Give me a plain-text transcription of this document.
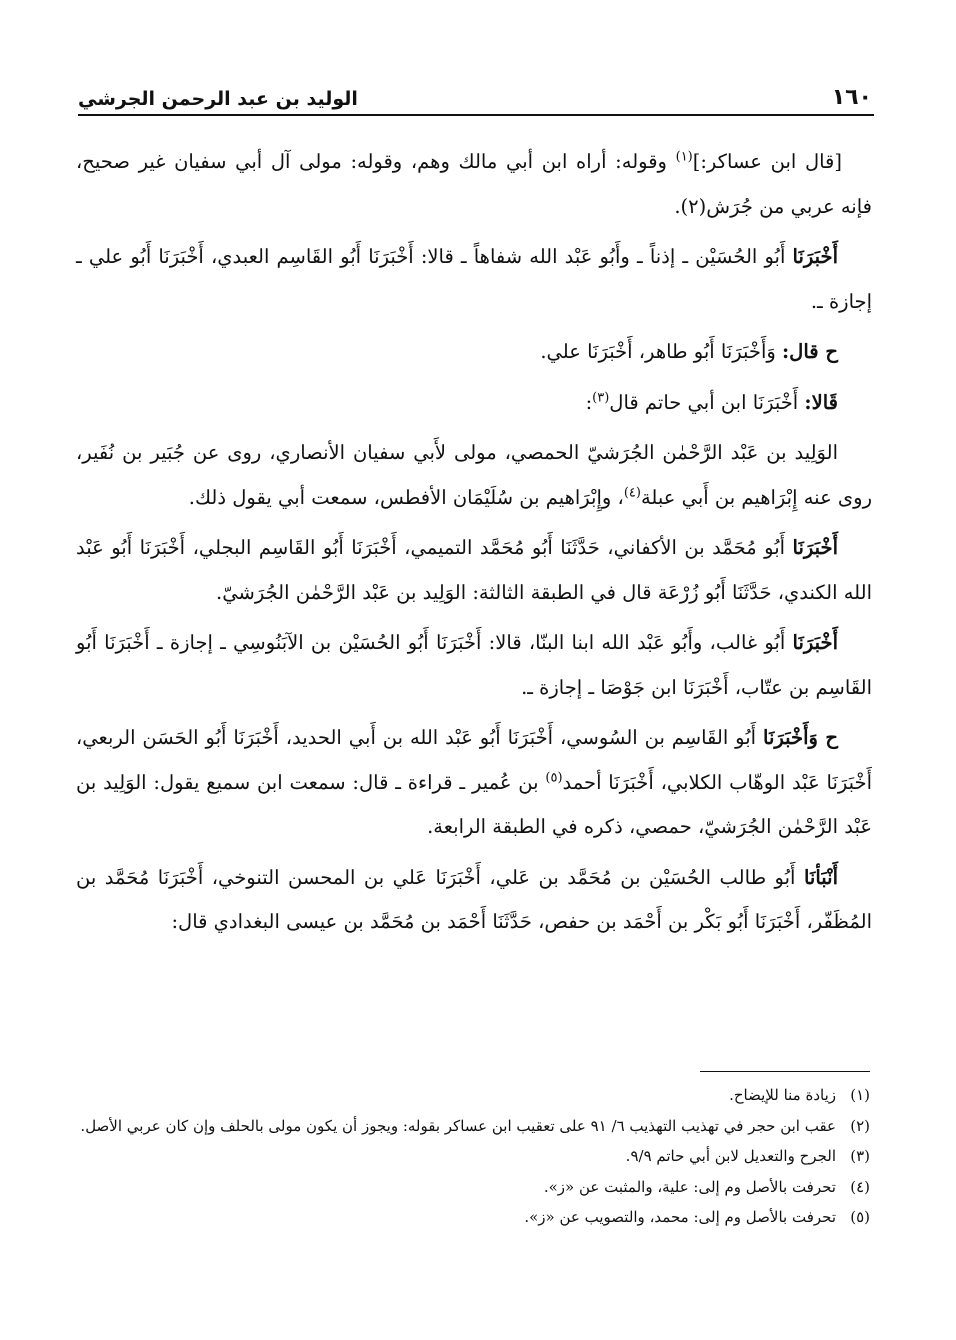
١٦٠
الوليد بن عبد الرحمن الجرشي

[قال ابن عساكر:]$^{(١)}$ وقوله: أراه ابن أبي مالك وهم، وقوله: مولى آل أبي سفيان غير صحيح، فإنه عربي من جُرَش(٢).

أَخْبَرَنَا أَبُو الحُسَيْن ـ إذناً ـ وأَبُو عَبْد الله شفاهاً ـ قالا: أَخْبَرَنَا أَبُو القَاسِم العبدي، أَخْبَرَنَا أَبُو علي ـ إجازة ـ.

ح قال: وَأَخْبَرَنَا أَبُو طاهر، أَخْبَرَنَا علي.

قَالا: أَخْبَرَنَا ابن أبي حاتم قال$^{(٣)}$:

الوَلِيد بن عَبْد الرَّحْمٰن الجُرَشيّ الحمصي، مولى لأَبي سفيان الأنصاري، روى عن جُبَير بن نُفَير، روى عنه إِبْرَاهيم بن أَبي عبلة$^{(٤)}$، وإِبْرَاهيم بن سُلَيْمَان الأفطس، سمعت أبي يقول ذلك.

أَخْبَرَنَا أَبُو مُحَمَّد بن الأكفاني، حَدَّثَنَا أَبُو مُحَمَّد التميمي، أَخْبَرَنَا أَبُو القَاسِم البجلي، أَخْبَرَنَا أَبُو عَبْد الله الكندي، حَدَّثَنَا أَبُو زُرْعَة قال في الطبقة الثالثة: الوَلِيد بن عَبْد الرَّحْمٰن الجُرَشيّ.

أَخْبَرَنَا أَبُو غالب، وأَبُو عَبْد الله ابنا البنّا، قالا: أَخْبَرَنَا أَبُو الحُسَيْن بن الآبَنُوسِي ـ إجازة ـ أَخْبَرَنَا أَبُو القَاسِم بن عتّاب، أَخْبَرَنَا ابن جَوْصَا ـ إجازة ـ.

ح وَأَخْبَرَنَا أَبُو القَاسِم بن السُوسي، أَخْبَرَنَا أَبُو عَبْد الله بن أَبي الحديد، أَخْبَرَنَا أَبُو الحَسَن الربعي، أَخْبَرَنَا عَبْد الوهّاب الكلابي، أَخْبَرَنَا أحمد$^{(٥)}$ بن عُمير ـ قراءة ـ قال: سمعت ابن سميع يقول: الوَلِيد بن عَبْد الرَّحْمٰن الجُرَشيّ، حمصي، ذكره في الطبقة الرابعة.

أَنْبَأنَا أَبُو طالب الحُسَيْن بن مُحَمَّد بن عَلي، أَخْبَرَنَا عَلي بن المحسن التنوخي، أَخْبَرَنَا مُحَمَّد بن المُظَفّر، أَخْبَرَنَا أَبُو بَكْر بن أَحْمَد بن حفص، حَدَّثَنَا أَحْمَد بن مُحَمَّد بن عيسى البغدادي قال:

(١)
زيادة منا للإيضاح.
(٢)
عقب ابن حجر في تهذيب التهذيب ٦/ ٩١ على تعقيب ابن عساكر بقوله: ويجوز أن يكون مولى بالحلف وإن كان عربي الأصل.
(٣)
الجرح والتعديل لابن أبي حاتم ٩/٩.
(٤)
تحرفت بالأصل وم إلى: علية، والمثبت عن «ز».
(٥)
تحرفت بالأصل وم إلى: محمد، والتصويب عن «ز».
